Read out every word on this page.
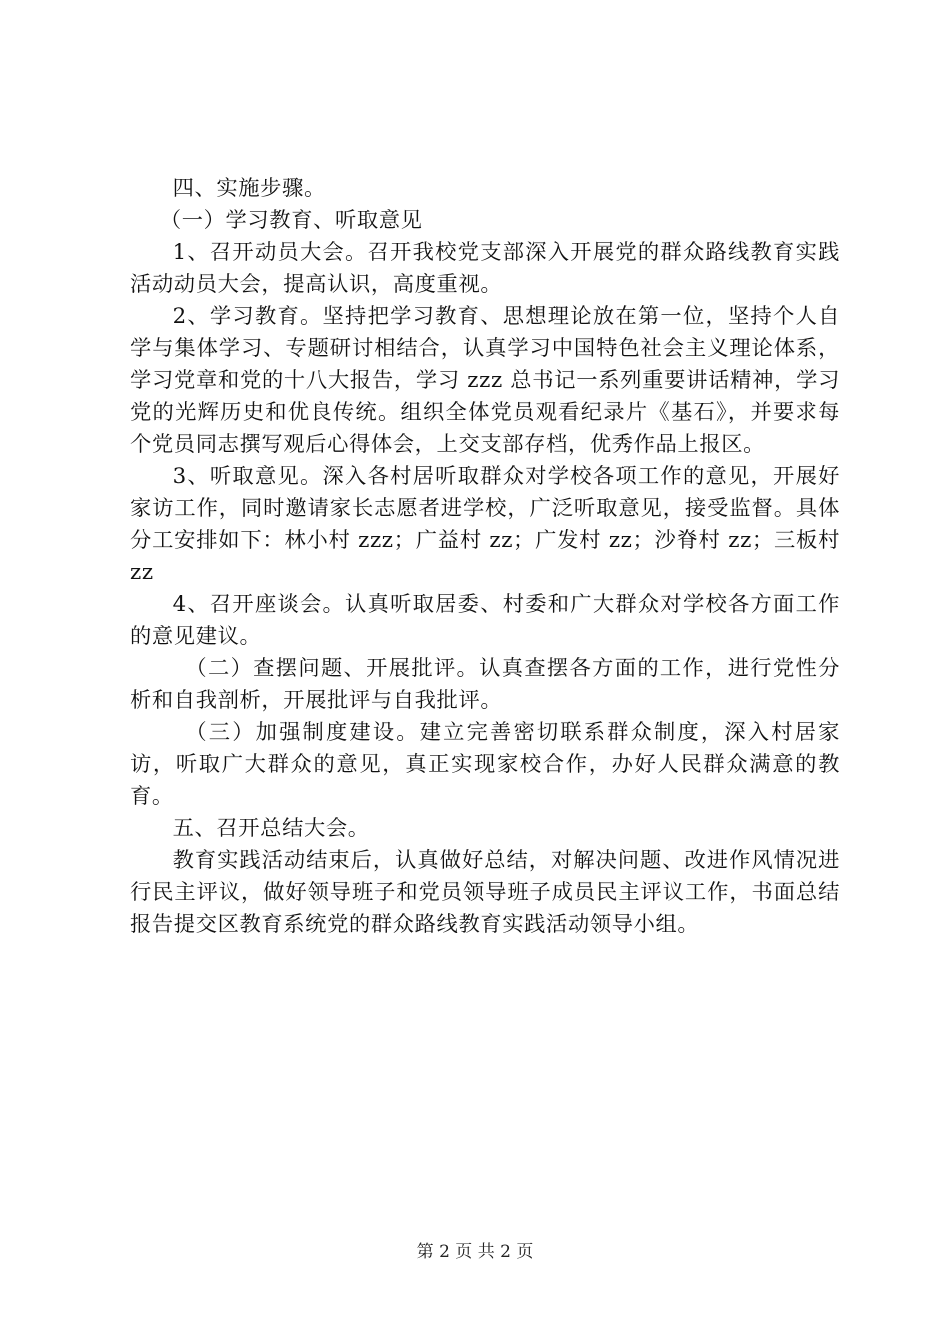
四、实施步骤。

（一）学习教育、听取意见

1、召开动员大会。召开我校党支部深入开展党的群众路线教育实践活动动员大会，提高认识，高度重视。

2、学习教育。坚持把学习教育、思想理论放在第一位，坚持个人自学与集体学习、专题研讨相结合，认真学习中国特色社会主义理论体系，学习党章和党的十八大报告，学习 zzz 总书记一系列重要讲话精神，学习党的光辉历史和优良传统。组织全体党员观看纪录片《基石》，并要求每个党员同志撰写观后心得体会，上交支部存档，优秀作品上报区。

3、听取意见。深入各村居听取群众对学校各项工作的意见，开展好家访工作，同时邀请家长志愿者进学校，广泛听取意见，接受监督。具体分工安排如下：林小村 zzz；广益村 zz；广发村 zz；沙脊村 zz；三板村 zz

4、召开座谈会。认真听取居委、村委和广大群众对学校各方面工作的意见建议。

（二）查摆问题、开展批评。认真查摆各方面的工作，进行党性分析和自我剖析，开展批评与自我批评。

（三）加强制度建设。建立完善密切联系群众制度，深入村居家访，听取广大群众的意见，真正实现家校合作，办好人民群众满意的教育。

五、召开总结大会。

教育实践活动结束后，认真做好总结，对解决问题、改进作风情况进行民主评议，做好领导班子和党员领导班子成员民主评议工作，书面总结报告提交区教育系统党的群众路线教育实践活动领导小组。

第 2 页 共 2 页
